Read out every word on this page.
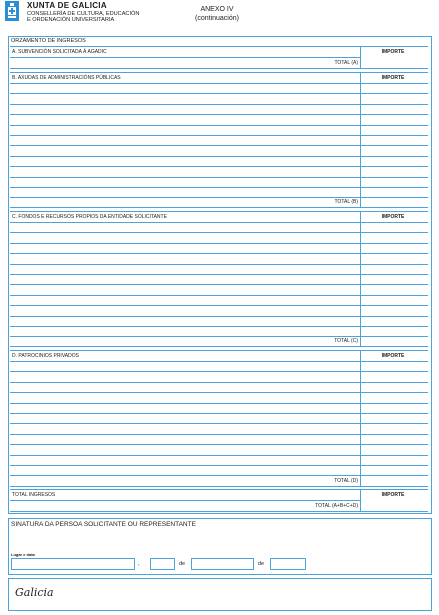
XUNTA DE GALICIA
CONSELLERÍA DE CULTURA, EDUCACIÓN
E ORDENACIÓN UNIVERSITARIA
ANEXO IV
(continuación)
ORZAMENTO DE INGRESOS
A. SUBVENCIÓN SOLICITADA Á AGADIC	IMPORTE
TOTAL (A)
B. AXUDAS DE ADMINISTRACIÓNS PÚBLICAS	IMPORTE
TOTAL (B)
C. FONDOS E RECURSOS PROPIOS DA ENTIDADE SOLICITANTE	IMPORTE
TOTAL (C)
D. PATROCINIOS PRIVADOS	IMPORTE
TOTAL (D)
TOTAL INGRESOS	IMPORTE
TOTAL (A+B+C+D)
SINATURA DA PERSOA SOLICITANTE OU REPRESENTANTE
Lugar e data
,	de	de
Galicia
